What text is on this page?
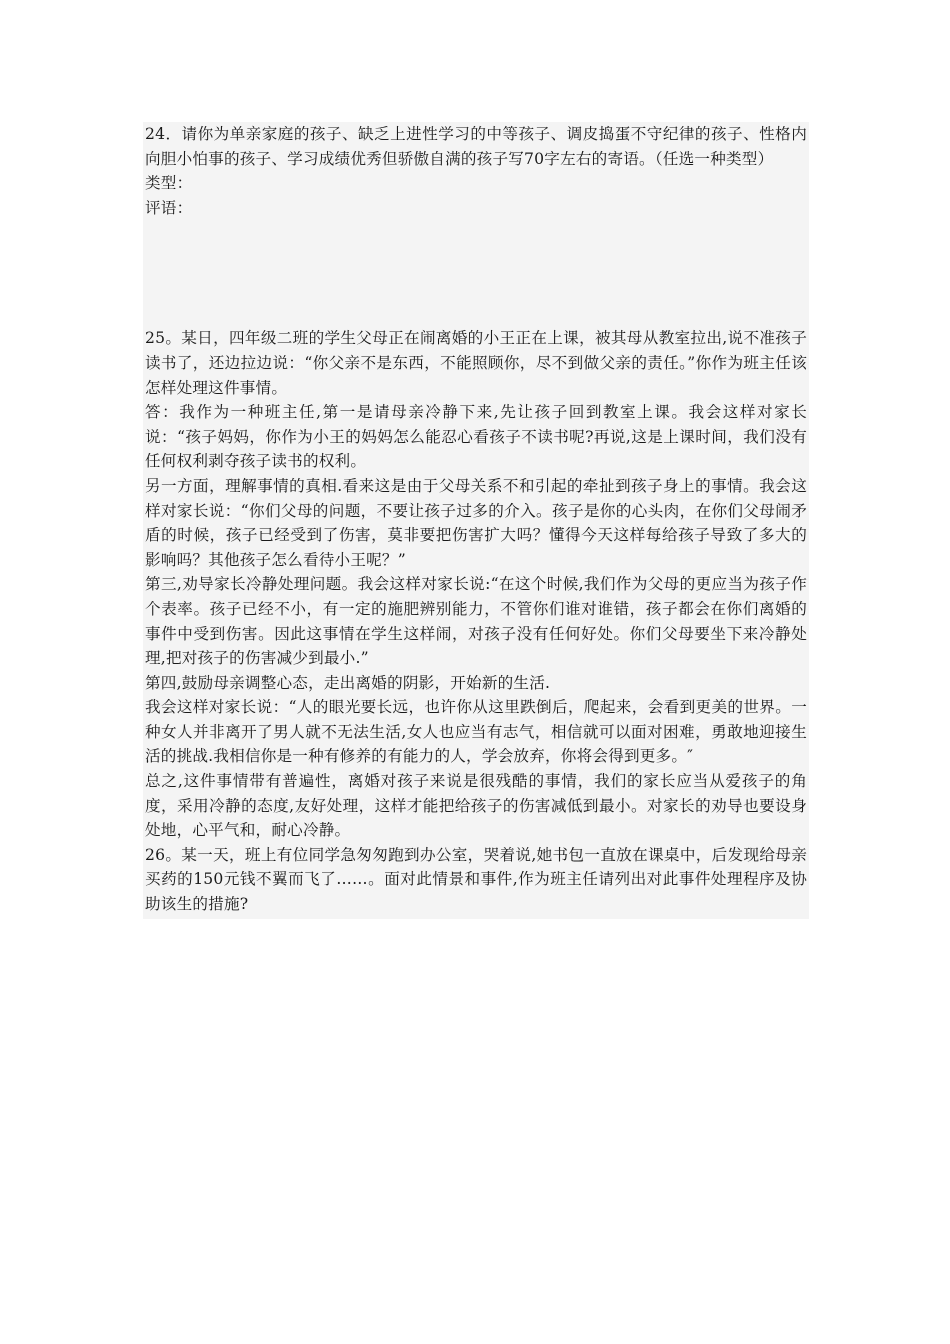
24．请你为单亲家庭的孩子、缺乏上进性学习的中等孩子、调皮捣蛋不守纪律的孩子、性格内向胆小怕事的孩子、学习成绩优秀但骄傲自满的孩子写70字左右的寄语。（任选一种类型）

类型：

评语：

25。某日，四年级二班的学生父母正在闹离婚的小王正在上课，被其母从教室拉出,说不准孩子读书了，还边拉边说：“你父亲不是东西，不能照顾你，尽不到做父亲的责任。”你作为班主任该怎样处理这件事情。

答：我作为一种班主任,第一是请母亲冷静下来,先让孩子回到教室上课。我会这样对家长说：“孩子妈妈，你作为小王的妈妈怎么能忍心看孩子不读书呢?再说,这是上课时间，我们没有任何权利剥夺孩子读书的权利。

另一方面，理解事情的真相.看来这是由于父母关系不和引起的牵扯到孩子身上的事情。我会这样对家长说：“你们父母的问题，不要让孩子过多的介入。孩子是你的心头肉，在你们父母闹矛盾的时候，孩子已经受到了伤害，莫非要把伤害扩大吗？懂得今天这样每给孩子导致了多大的影响吗？其他孩子怎么看待小王呢？”

第三,劝导家长冷静处理问题。我会这样对家长说:“在这个时候,我们作为父母的更应当为孩子作个表率。孩子已经不小，有一定的施肥辨别能力，不管你们谁对谁错，孩子都会在你们离婚的事件中受到伤害。因此这事情在学生这样闹，对孩子没有任何好处。你们父母要坐下来冷静处理,把对孩子的伤害减少到最小.”

第四,鼓励母亲调整心态，走出离婚的阴影，开始新的生活.

我会这样对家长说：“人的眼光要长远，也许你从这里跌倒后，爬起来，会看到更美的世界。一种女人并非离开了男人就不无法生活,女人也应当有志气，相信就可以面对困难，勇敢地迎接生活的挑战.我相信你是一种有修养的有能力的人，学会放弃，你将会得到更多。″

总之,这件事情带有普遍性，离婚对孩子来说是很残酷的事情，我们的家长应当从爱孩子的角度，采用冷静的态度,友好处理，这样才能把给孩子的伤害减低到最小。对家长的劝导也要设身处地，心平气和，耐心冷静。

26。某一天，班上有位同学急匆匆跑到办公室，哭着说,她书包一直放在课桌中，后发现给母亲买药的150元钱不翼而飞了……。面对此情景和事件,作为班主任请列出对此事件处理程序及协助该生的措施?
